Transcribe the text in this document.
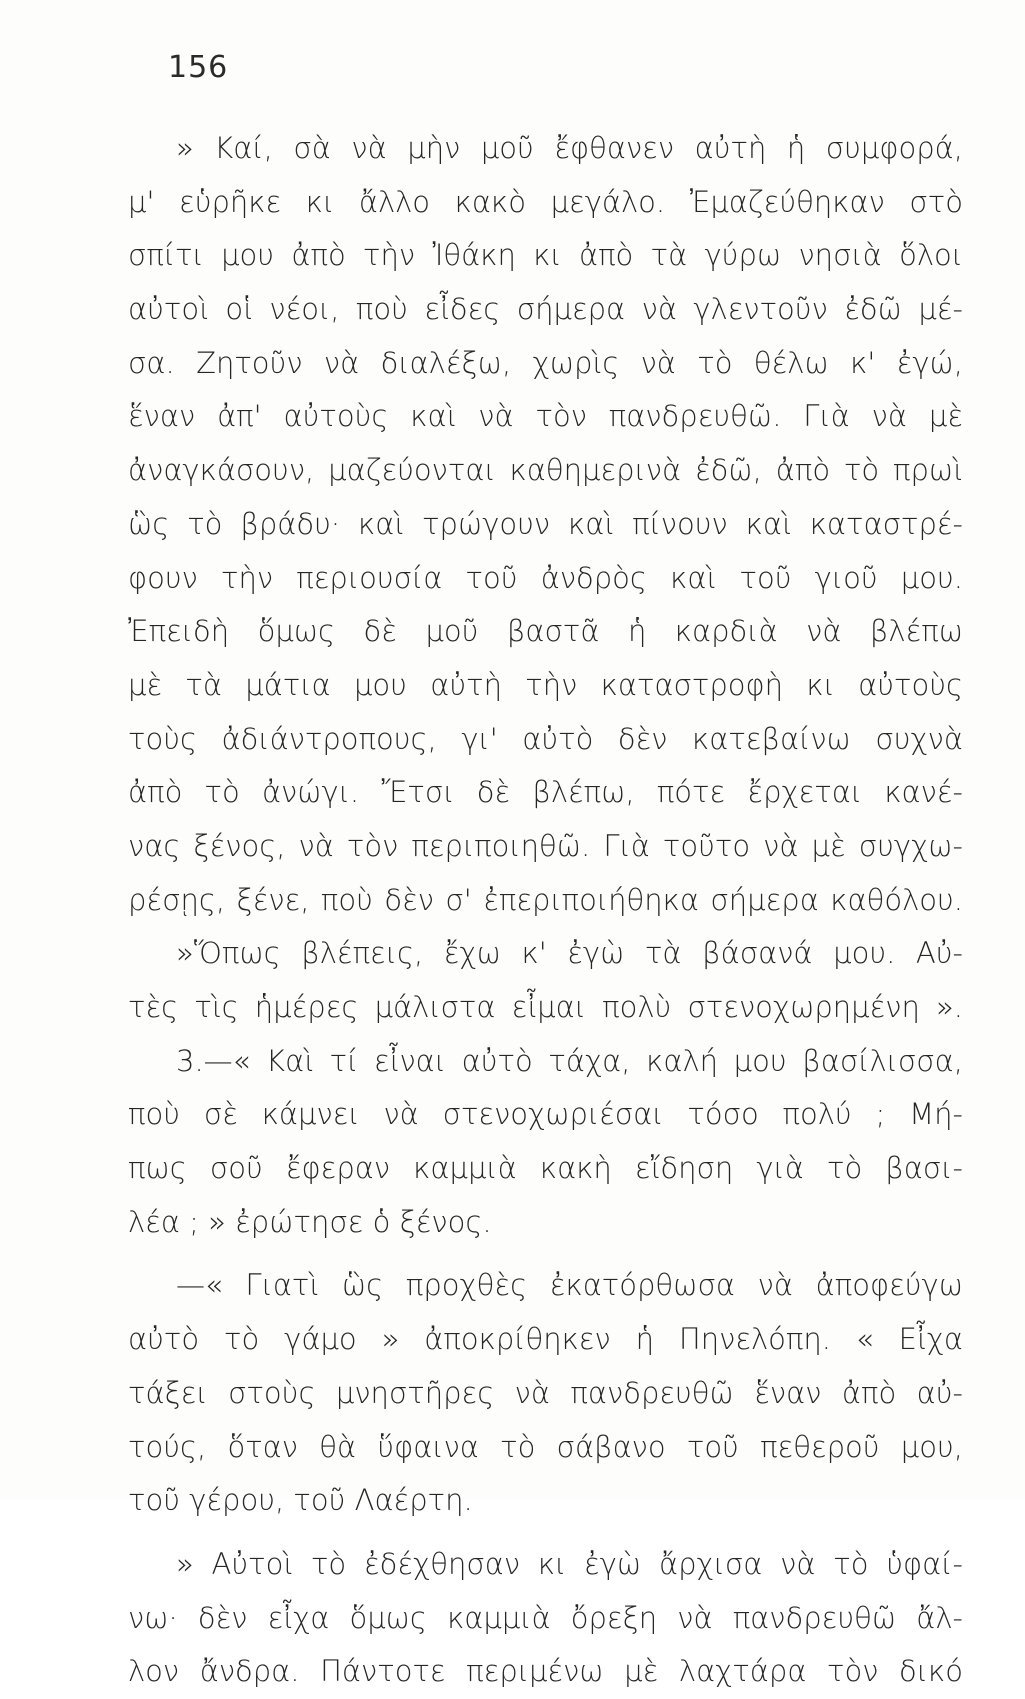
156
» Καί, σὰ νὰ μὴν μοῦ ἔφθανεν αὐτὴ ἡ συμφορά,
μ' εὑρῆκε κι ἄλλο κακὸ μεγάλο. Ἐμαζεύθηκαν στὸ
σπίτι μου ἀπὸ τὴν Ἰθάκη κι ἀπὸ τὰ γύρω νησιὰ ὅλοι
αὐτοὶ οἱ νέοι, ποὺ εἶδες σήμερα νὰ γλεντοῦν ἐδῶ μέ-
σα. Ζητοῦν νὰ διαλέξω, χωρὶς νὰ τὸ θέλω κ' ἐγώ,
ἕναν ἀπ' αὐτοὺς καὶ νὰ τὸν πανδρευθῶ. Γιὰ νὰ μὲ
ἀναγκάσουν, μαζεύονται καθημερινὰ ἐδῶ, ἀπὸ τὸ πρωὶ
ὣς τὸ βράδυ· καὶ τρώγουν καὶ πίνουν καὶ καταστρέ-
φουν τὴν περιουσία τοῦ ἀνδρὸς καὶ τοῦ γιοῦ μου.
Ἐπειδὴ ὅμως δὲ μοῦ βαστᾶ ἡ καρδιὰ νὰ βλέπω
μὲ τὰ μάτια μου αὐτὴ τὴν καταστροφὴ κι αὐτοὺς
τοὺς ἀδιάντροπους, γι' αὐτὸ δὲν κατεβαίνω συχνὰ
ἀπὸ τὸ ἀνώγι. Ἔτσι δὲ βλέπω, πότε ἔρχεται κανέ-
νας ξένος, νὰ τὸν περιποιηθῶ. Γιὰ τοῦτο νὰ μὲ συγχω-
ρέσῃς, ξένε, ποὺ δὲν σ' ἐπεριποιήθηκα σήμερα καθόλου.
»Ὅπως βλέπεις, ἔχω κ' ἐγὼ τὰ βάσανά μου. Αὐ-
τὲς τὶς ἡμέρες μάλιστα εἶμαι πολὺ στενοχωρημένη ».
3.—« Καὶ τί εἶναι αὐτὸ τάχα, καλή μου βασίλισσα,
ποὺ σὲ κάμνει νὰ στενοχωριέσαι τόσο πολύ ; Μή-
πως σοῦ ἔφεραν καμμιὰ κακὴ εἴδηση γιὰ τὸ βασι-
λέα ; » ἐρώτησε ὁ ξένος.
—« Γιατὶ ὣς προχθὲς ἐκατόρθωσα νὰ ἀποφεύγω
αὐτὸ τὸ γάμο » ἀποκρίθηκεν ἡ Πηνελόπη. « Εἶχα
τάξει στοὺς μνηστῆρες νὰ πανδρευθῶ ἕναν ἀπὸ αὐ-
τούς, ὅταν θὰ ὕφαινα τὸ σάβανο τοῦ πεθεροῦ μου,
τοῦ γέρου, τοῦ Λαέρτη.
» Αὐτοὶ τὸ ἐδέχθησαν κι ἐγὼ ἄρχισα νὰ τὸ ὑφαί-
νω· δὲν εἶχα ὅμως καμμιὰ ὄρεξη νὰ πανδρευθῶ ἄλ-
λον ἄνδρα. Πάντοτε περιμένω μὲ λαχτάρα τὸν δικό
